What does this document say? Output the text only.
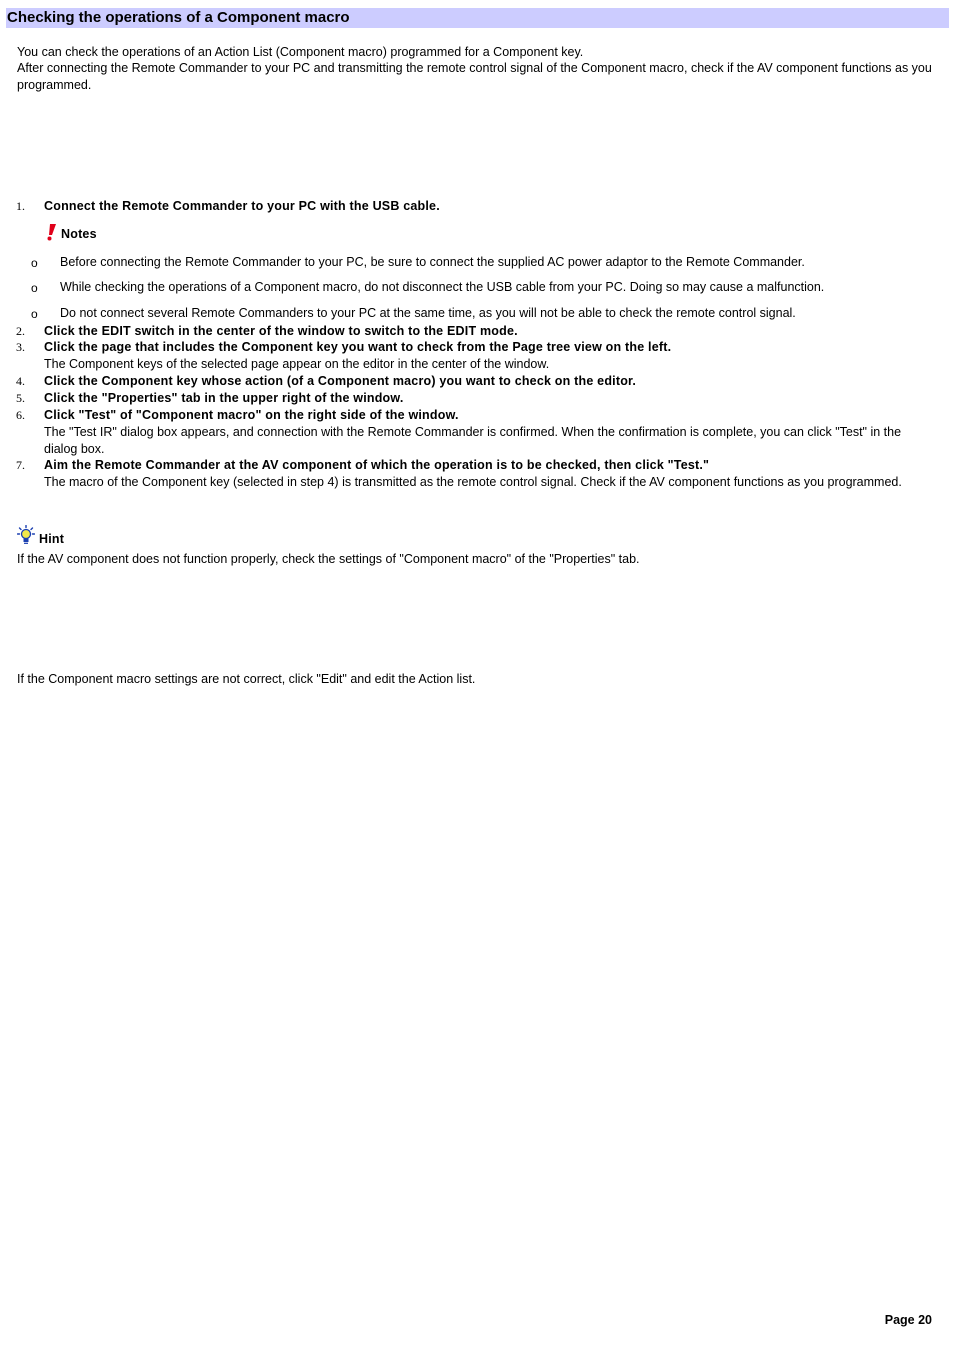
Checking the operations of a Component macro
You can check the operations of an Action List (Component macro) programmed for a Component key.
After connecting the Remote Commander to your PC and transmitting the remote control signal of the Component macro, check if the AV component functions as you programmed.
1. Connect the Remote Commander to your PC with the USB cable.
Notes
o Before connecting the Remote Commander to your PC, be sure to connect the supplied AC power adaptor to the Remote Commander.
o While checking the operations of a Component macro, do not disconnect the USB cable from your PC. Doing so may cause a malfunction.
o Do not connect several Remote Commanders to your PC at the same time, as you will not be able to check the remote control signal.
2. Click the EDIT switch in the center of the window to switch to the EDIT mode.
3. Click the page that includes the Component key you want to check from the Page tree view on the left.
The Component keys of the selected page appear on the editor in the center of the window.
4. Click the Component key whose action (of a Component macro) you want to check on the editor.
5. Click the "Properties" tab in the upper right of the window.
6. Click "Test" of "Component macro" on the right side of the window.
The "Test IR" dialog box appears, and connection with the Remote Commander is confirmed. When the confirmation is complete, you can click "Test" in the dialog box.
7. Aim the Remote Commander at the AV component of which the operation is to be checked, then click "Test."
The macro of the Component key (selected in step 4) is transmitted as the remote control signal. Check if the AV component functions as you programmed.
Hint
If the AV component does not function properly, check the settings of "Component macro" of the "Properties" tab.
If the Component macro settings are not correct, click "Edit" and edit the Action list.
Page 20
